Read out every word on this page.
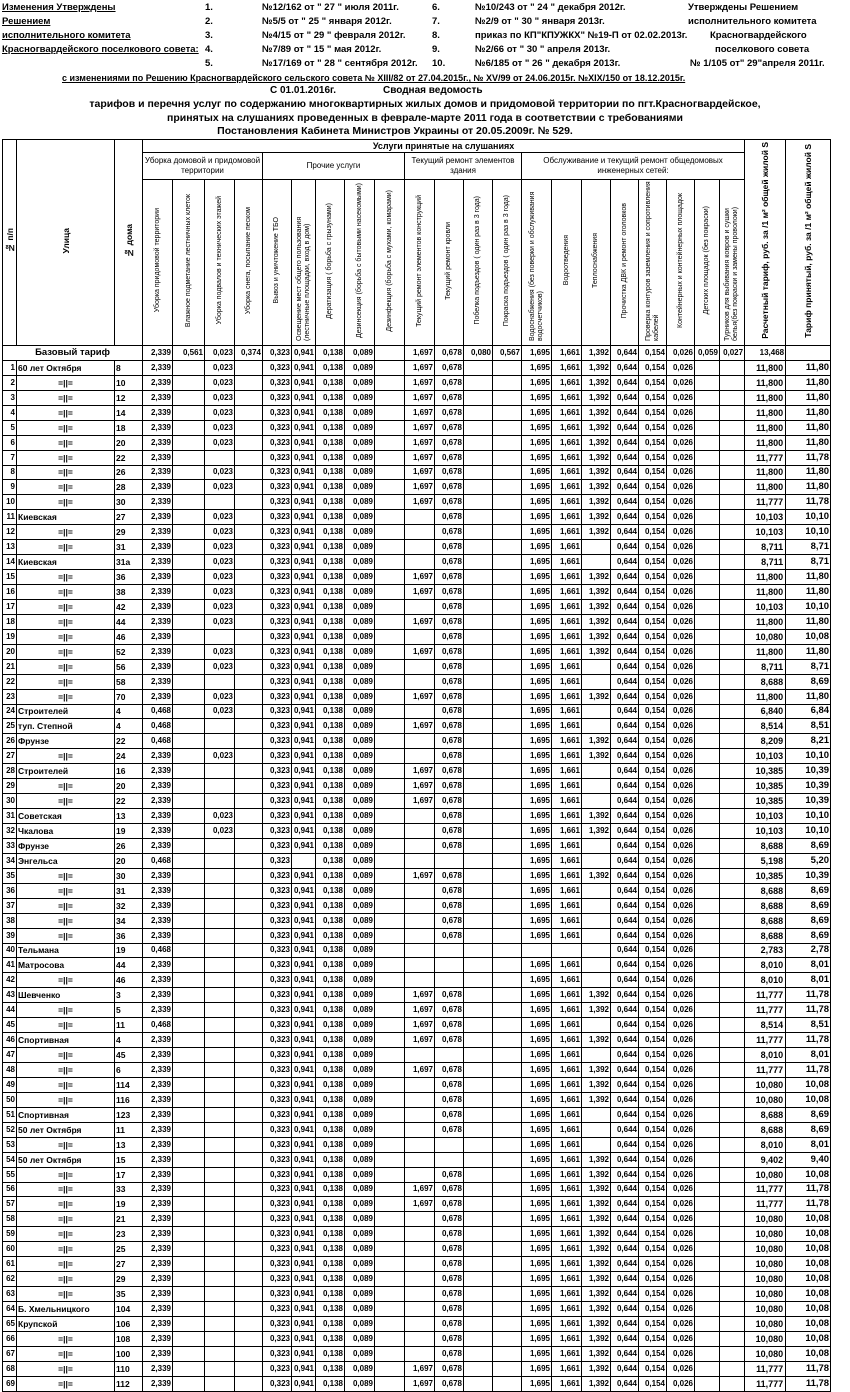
Изменения Утверждены
Решением
исполнительного комитета
Красногвардейского поселкового совета:
1.	№12/162 от " 27 " июля 2011г.
2.	№5/5 от " 25 " января 2012г.
3.	№4/15 от " 29 " февраля 2012г.
4.	№7/89 от " 15 " мая 2012г.
5.	№17/169 от " 28 " сентября 2012г.
6.	№10/243 от " 24 " декабря 2012г.
7.	№2/9 от " 30 " января 2013г.
8.	приказ по КП"КПУЖКХ" №19-П от 02.02.2013г.
9.	№2/66 от " 30 " апреля 2013г.
10.	№6/185 от " 26 " декабря 2013г.
Утверждены Решением
исполнительного комитета
Красногвардейского
поселкового совета
№ 1/105 от" 29"апреля 2011г.
с изменениями по Решению Красногвардейского сельского совета № XIII/82 от 27.04.2015г., № XV/99 от 24.06.2015г. №XIX/150 от 18.12.2015г.
С 01.01.2016г.	Сводная ведомость
тарифов и перечня услуг по содержанию многоквартирных жилых домов и придомовой территории по пгт.Красногвардейское,
принятых на слушаниях проведенных в феврале-марте 2011 года в соответствии с требованиями
Постановления Кабинета Министров Украины от 20.05.2009г. № 529.
№ п/п	Улица	№ дома	Услуги принятые на слушаниях																					Расчетный тариф, руб. за /1 м² общей жилой S	Тариф принятый, руб. за /1 м² общей жилой S
			Уборка домовой и придомовой территории				Прочие услуги					Текущий ремонт элементов здания				Обслуживание и текущий ремонт общедомовых инженерных сетей:									
			Уборка придомовой территории	Влажное подметание лестничных клеток	Уборка подвалов и технических этажей	Уборка снега, посыпание песком	Вывоз и уничтожение ТБО	Освещение мест общего пользования (лестничные площадки, вход в дом)	Дератизация ( борьба с грызунами)	Дезинсекция (борьба с бытовыми насекомыми)	Дезинфекция (борьба с мухами, комарами)	Текущий ремонт элементов конструкций	Текущий ремонт кровли	Побелка подъездов ( один раз в 3 года)	Покраска подъездов ( один раз в 3 года)	Водоснабжения (без поверки и обслуживания водосчетчиков)	Водоотведения	Теплоснабжения	Прочистка ДВК и ремонт оголовков	Проверка контуров заземления и сопротивления кабелей	Контейнерных и контейнерных площадок	Детских площадок (без покраски)	Турников для выбивания ковров и сушки белья(без покраски и замены проволоки)		
Базовый тариф			2,339	0,561	0,023	0,374	0,323	0,941	0,138	0,089		1,697	0,678	0,080	0,567	1,695	1,661	1,392	0,644	0,154	0,026	0,059	0,027	13,468	
1	60 лет Октября	8	2,339		0,023		0,323	0,941	0,138	0,089		1,697	0,678			1,695	1,661	1,392	0,644	0,154	0,026			11,800	11,80
2	=||=	10	2,339		0,023		0,323	0,941	0,138	0,089		1,697	0,678			1,695	1,661	1,392	0,644	0,154	0,026			11,800	11,80
3	=||=	12	2,339		0,023		0,323	0,941	0,138	0,089		1,697	0,678			1,695	1,661	1,392	0,644	0,154	0,026			11,800	11,80
4	=||=	14	2,339		0,023		0,323	0,941	0,138	0,089		1,697	0,678			1,695	1,661	1,392	0,644	0,154	0,026			11,800	11,80
5	=||=	18	2,339		0,023		0,323	0,941	0,138	0,089		1,697	0,678			1,695	1,661	1,392	0,644	0,154	0,026			11,800	11,80
6	=||=	20	2,339		0,023		0,323	0,941	0,138	0,089		1,697	0,678			1,695	1,661	1,392	0,644	0,154	0,026			11,800	11,80
7	=||=	22	2,339				0,323	0,941	0,138	0,089		1,697	0,678			1,695	1,661	1,392	0,644	0,154	0,026			11,777	11,78
8	=||=	26	2,339		0,023		0,323	0,941	0,138	0,089		1,697	0,678			1,695	1,661	1,392	0,644	0,154	0,026			11,800	11,80
9	=||=	28	2,339		0,023		0,323	0,941	0,138	0,089		1,697	0,678			1,695	1,661	1,392	0,644	0,154	0,026			11,800	11,80
10	=||=	30	2,339				0,323	0,941	0,138	0,089		1,697	0,678			1,695	1,661	1,392	0,644	0,154	0,026			11,777	11,78
11	Киевская	27	2,339		0,023		0,323	0,941	0,138	0,089			0,678			1,695	1,661	1,392	0,644	0,154	0,026			10,103	10,10
12	=||=	29	2,339		0,023		0,323	0,941	0,138	0,089			0,678			1,695	1,661	1,392	0,644	0,154	0,026			10,103	10,10
13	=||=	31	2,339		0,023		0,323	0,941	0,138	0,089			0,678			1,695	1,661		0,644	0,154	0,026			8,711	8,71
14	Киевская	31а	2,339		0,023		0,323	0,941	0,138	0,089			0,678			1,695	1,661		0,644	0,154	0,026			8,711	8,71
15	=||=	36	2,339		0,023		0,323	0,941	0,138	0,089		1,697	0,678			1,695	1,661	1,392	0,644	0,154	0,026			11,800	11,80
16	=||=	38	2,339		0,023		0,323	0,941	0,138	0,089		1,697	0,678			1,695	1,661	1,392	0,644	0,154	0,026			11,800	11,80
17	=||=	42	2,339		0,023		0,323	0,941	0,138	0,089			0,678			1,695	1,661	1,392	0,644	0,154	0,026			10,103	10,10
18	=||=	44	2,339		0,023		0,323	0,941	0,138	0,089		1,697	0,678			1,695	1,661	1,392	0,644	0,154	0,026			11,800	11,80
19	=||=	46	2,339				0,323	0,941	0,138	0,089			0,678			1,695	1,661	1,392	0,644	0,154	0,026			10,080	10,08
20	=||=	52	2,339		0,023		0,323	0,941	0,138	0,089		1,697	0,678			1,695	1,661	1,392	0,644	0,154	0,026			11,800	11,80
21	=||=	56	2,339		0,023		0,323	0,941	0,138	0,089			0,678			1,695	1,661		0,644	0,154	0,026			8,711	8,71
22	=||=	58	2,339				0,323	0,941	0,138	0,089			0,678			1,695	1,661		0,644	0,154	0,026			8,688	8,69
23	=||=	70	2,339		0,023		0,323	0,941	0,138	0,089		1,697	0,678			1,695	1,661	1,392	0,644	0,154	0,026			11,800	11,80
24	Строителей	4	0,468		0,023		0,323	0,941	0,138	0,089			0,678			1,695	1,661		0,644	0,154	0,026			6,840	6,84
25	туп. Степной	4	0,468				0,323	0,941	0,138	0,089		1,697	0,678			1,695	1,661		0,644	0,154	0,026			8,514	8,51
26	Фрунзе	22	0,468				0,323	0,941	0,138	0,089			0,678			1,695	1,661	1,392	0,644	0,154	0,026			8,209	8,21
27	=||=	24	2,339		0,023		0,323	0,941	0,138	0,089			0,678			1,695	1,661	1,392	0,644	0,154	0,026			10,103	10,10
28	Строителей	16	2,339				0,323	0,941	0,138	0,089		1,697	0,678			1,695	1,661		0,644	0,154	0,026			10,385	10,39
29	=||=	20	2,339				0,323	0,941	0,138	0,089		1,697	0,678			1,695	1,661		0,644	0,154	0,026			10,385	10,39
30	=||=	22	2,339				0,323	0,941	0,138	0,089		1,697	0,678			1,695	1,661		0,644	0,154	0,026			10,385	10,39
31	Советская	13	2,339		0,023		0,323	0,941	0,138	0,089			0,678			1,695	1,661	1,392	0,644	0,154	0,026			10,103	10,10
32	Чкалова	19	2,339		0,023		0,323	0,941	0,138	0,089			0,678			1,695	1,661	1,392	0,644	0,154	0,026			10,103	10,10
33	Фрунзе	26	2,339				0,323	0,941	0,138	0,089			0,678			1,695	1,661		0,644	0,154	0,026			8,688	8,69
34	Энгельса	20	0,468				0,323		0,138	0,089						1,695	1,661		0,644	0,154	0,026			5,198	5,20
35	=||=	30	2,339				0,323	0,941	0,138	0,089		1,697	0,678			1,695	1,661	1,392	0,644	0,154	0,026			10,385	10,39
36	=||=	31	2,339				0,323	0,941	0,138	0,089			0,678			1,695	1,661		0,644	0,154	0,026			8,688	8,69
37	=||=	32	2,339				0,323	0,941	0,138	0,089			0,678			1,695	1,661		0,644	0,154	0,026			8,688	8,69
38	=||=	34	2,339				0,323	0,941	0,138	0,089			0,678			1,695	1,661		0,644	0,154	0,026			8,688	8,69
39	=||=	36	2,339				0,323	0,941	0,138	0,089			0,678			1,695	1,661		0,644	0,154	0,026			8,688	8,69
40	Тельмана	19	0,468				0,323	0,941	0,138	0,089									0,644	0,154	0,026			2,783	2,78
41	Матросова	44	2,339				0,323	0,941	0,138	0,089						1,695	1,661		0,644	0,154	0,026			8,010	8,01
42	=||=	46	2,339				0,323	0,941	0,138	0,089						1,695	1,661		0,644	0,154	0,026			8,010	8,01
43	Шевченко	3	2,339				0,323	0,941	0,138	0,089		1,697	0,678			1,695	1,661	1,392	0,644	0,154	0,026			11,777	11,78
44	=||=	5	2,339				0,323	0,941	0,138	0,089		1,697	0,678			1,695	1,661	1,392	0,644	0,154	0,026			11,777	11,78
45	=||=	11	0,468				0,323	0,941	0,138	0,089		1,697	0,678			1,695	1,661		0,644	0,154	0,026			8,514	8,51
46	Спортивная	4	2,339				0,323	0,941	0,138	0,089		1,697	0,678			1,695	1,661	1,392	0,644	0,154	0,026			11,777	11,78
47	=||=	45	2,339				0,323	0,941	0,138	0,089						1,695	1,661		0,644	0,154	0,026			8,010	8,01
48	=||=	6	2,339				0,323	0,941	0,138	0,089		1,697	0,678			1,695	1,661	1,392	0,644	0,154	0,026			11,777	11,78
49	=||=	114	2,339				0,323	0,941	0,138	0,089			0,678			1,695	1,661	1,392	0,644	0,154	0,026			10,080	10,08
50	=||=	116	2,339				0,323	0,941	0,138	0,089			0,678			1,695	1,661	1,392	0,644	0,154	0,026			10,080	10,08
51	Спортивная	123	2,339				0,323	0,941	0,138	0,089			0,678			1,695	1,661		0,644	0,154	0,026			8,688	8,69
52	50 лет Октября	11	2,339				0,323	0,941	0,138	0,089			0,678			1,695	1,661		0,644	0,154	0,026			8,688	8,69
53	=||=	13	2,339				0,323	0,941	0,138	0,089						1,695	1,661		0,644	0,154	0,026			8,010	8,01
54	50 лет Октября	15	2,339				0,323	0,941	0,138	0,089						1,695	1,661	1,392	0,644	0,154	0,026			9,402	9,40
55	=||=	17	2,339				0,323	0,941	0,138	0,089			0,678			1,695	1,661	1,392	0,644	0,154	0,026			10,080	10,08
56	=||=	33	2,339				0,323	0,941	0,138	0,089		1,697	0,678			1,695	1,661	1,392	0,644	0,154	0,026			11,777	11,78
57	=||=	19	2,339				0,323	0,941	0,138	0,089		1,697	0,678			1,695	1,661	1,392	0,644	0,154	0,026			11,777	11,78
58	=||=	21	2,339				0,323	0,941	0,138	0,089			0,678			1,695	1,661	1,392	0,644	0,154	0,026			10,080	10,08
59	=||=	23	2,339				0,323	0,941	0,138	0,089			0,678			1,695	1,661	1,392	0,644	0,154	0,026			10,080	10,08
60	=||=	25	2,339				0,323	0,941	0,138	0,089			0,678			1,695	1,661	1,392	0,644	0,154	0,026			10,080	10,08
61	=||=	27	2,339				0,323	0,941	0,138	0,089			0,678			1,695	1,661	1,392	0,644	0,154	0,026			10,080	10,08
62	=||=	29	2,339				0,323	0,941	0,138	0,089			0,678			1,695	1,661	1,392	0,644	0,154	0,026			10,080	10,08
63	=||=	35	2,339				0,323	0,941	0,138	0,089			0,678			1,695	1,661	1,392	0,644	0,154	0,026			10,080	10,08
64	Б. Хмельницкого	104	2,339				0,323	0,941	0,138	0,089			0,678			1,695	1,661	1,392	0,644	0,154	0,026			10,080	10,08
65	Крупской	106	2,339				0,323	0,941	0,138	0,089			0,678			1,695	1,661	1,392	0,644	0,154	0,026			10,080	10,08
66	=||=	108	2,339				0,323	0,941	0,138	0,089			0,678			1,695	1,661	1,392	0,644	0,154	0,026			10,080	10,08
67	=||=	100	2,339				0,323	0,941	0,138	0,089			0,678			1,695	1,661	1,392	0,644	0,154	0,026			10,080	10,08
68	=||=	110	2,339				0,323	0,941	0,138	0,089		1,697	0,678			1,695	1,661	1,392	0,644	0,154	0,026			11,777	11,78
69	=||=	112	2,339				0,323	0,941	0,138	0,089		1,697	0,678			1,695	1,661	1,392	0,644	0,154	0,026			11,777	11,78
